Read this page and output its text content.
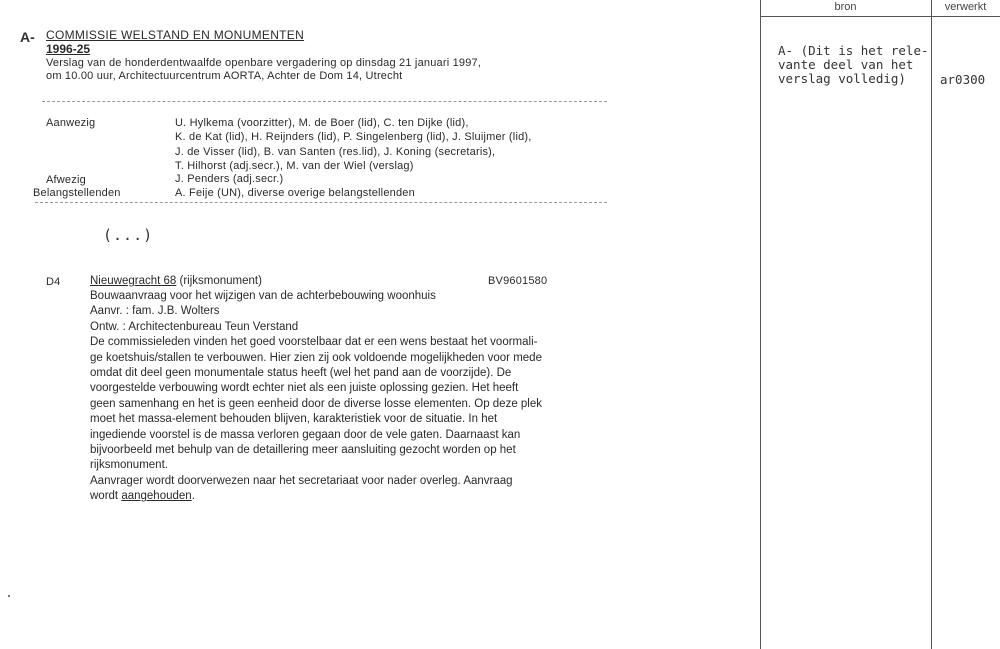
bron	verwerkt
A- (Dit is het rele-
vante deel van het
verslag volledig)	ar0300
A- COMMISSIE WELSTAND EN MONUMENTEN
1996-25
Verslag van de honderdentwaalfde openbare vergadering op dinsdag 21 januari 1997,
om 10.00 uur, Architectuurcentrum AORTA, Achter de Dom 14, Utrecht
Aanwezig	U. Hylkema (voorzitter), M. de Boer (lid), C. ten Dijke (lid),
K. de Kat (lid), H. Reijnders (lid), P. Singelenberg (lid), J. Sluijmer (lid),
J. de Visser (lid), B. van Santen (res.lid), J. Koning (secretaris),
T. Hilhorst (adj.secr.), M. van der Wiel (verslag)
Afwezig	J. Penders (adj.secr.)
Belangstellenden	A. Feije (UN), diverse overige belangstellenden
(...)
D4	Nieuwegracht 68 (rijksmonument)	BV9601580
Bouwaanvraag voor het wijzigen van de achterbebouwing woonhuis
Aanvr. : fam. J.B. Wolters
Ontw. : Architectenbureau Teun Verstand
De commissieleden vinden het goed voorstelbaar dat er een wens bestaat het voormali-
ge koetshuis/stallen te verbouwen. Hier zien zij ook voldoende mogelijkheden voor mede
omdat dit deel geen monumentale status heeft (wel het pand aan de voorzijde). De
voorgestelde verbouwing wordt echter niet als een juiste oplossing gezien. Het heeft
geen samenhang en het is geen eenheid door de diverse losse elementen. Op deze plek
moet het massa-element behouden blijven, karakteristiek voor de situatie. In het
ingediende voorstel is de massa verloren gegaan door de vele gaten. Daarnaast kan
bijvoorbeeld met behulp van de detaillering meer aansluiting gezocht worden op het
rijksmonument.
Aanvrager wordt doorverwezen naar het secretariaat voor nader overleg. Aanvraag
wordt aangehouden.
